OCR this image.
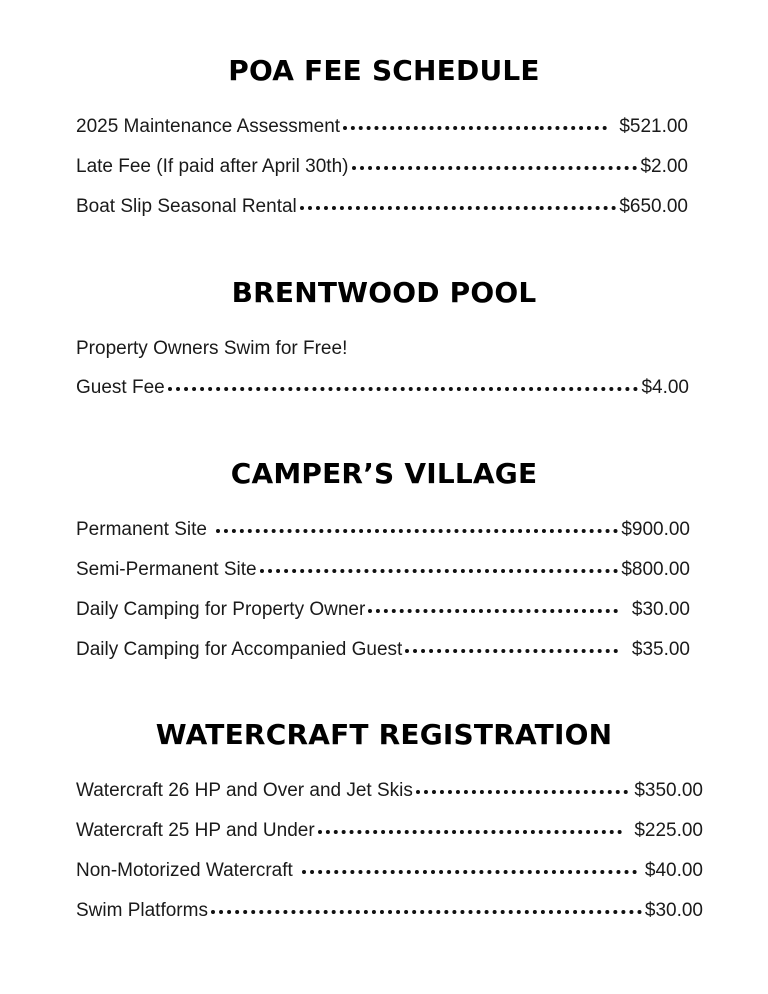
POA FEE SCHEDULE
2025 Maintenance Assessment	$521.00
Late Fee (If paid after April 30th)	$2.00
Boat Slip Seasonal Rental	$650.00
BRENTWOOD POOL
Property Owners Swim for Free!
Guest Fee	$4.00
CAMPER’S VILLAGE
Permanent Site	$900.00
Semi-Permanent Site	$800.00
Daily Camping for Property Owner	$30.00
Daily Camping for Accompanied Guest	$35.00
WATERCRAFT REGISTRATION
Watercraft 26 HP and Over and Jet Skis	$350.00
Watercraft 25 HP and Under	$225.00
Non-Motorized Watercraft	$40.00
Swim Platforms	$30.00
